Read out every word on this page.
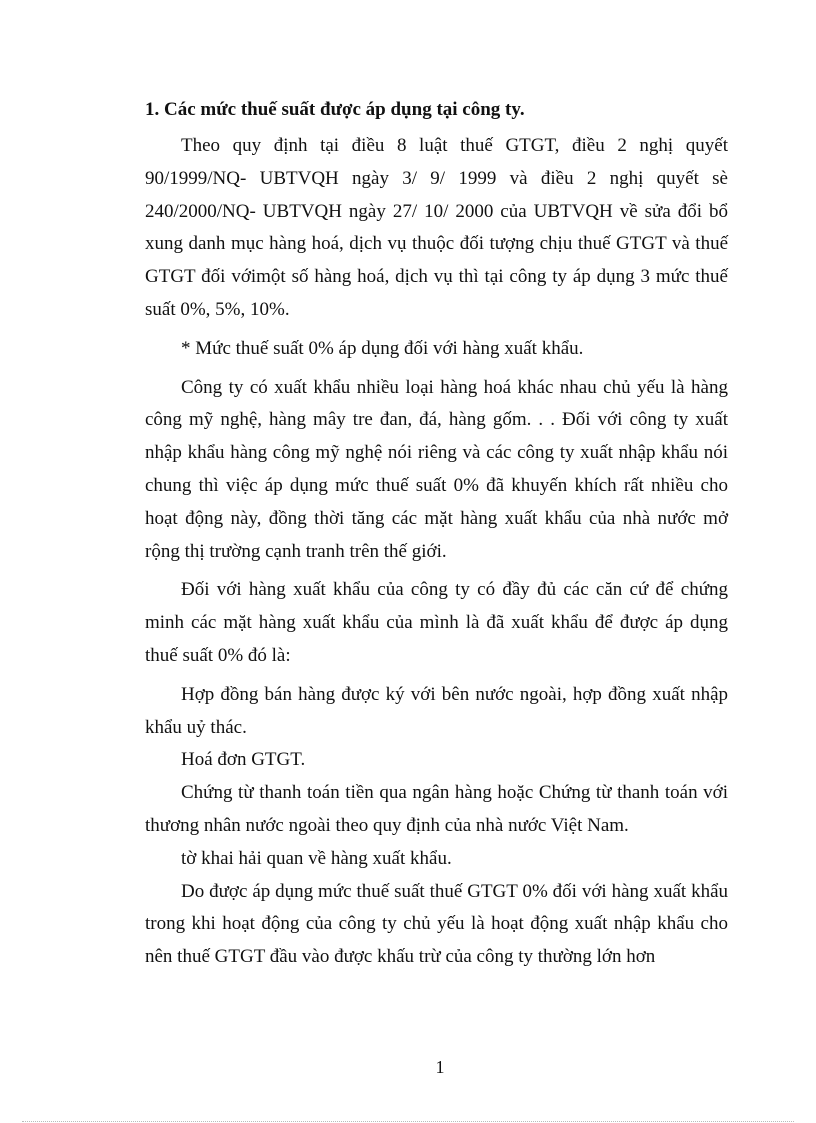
1. Các mức thuế suất được áp dụng tại công ty.

Theo quy định tại điều 8 luật thuế GTGT, điều 2 nghị quyết 90/1999/NQ- UBTVQH ngày 3/ 9/ 1999 và điều 2 nghị quyết sè 240/2000/NQ- UBTVQH ngày 27/ 10/ 2000 của UBTVQH về sửa đổi bổ xung danh mục hàng hoá, dịch vụ thuộc đối tượng chịu thuế GTGT và thuế GTGT đối vớimột số hàng hoá, dịch vụ thì tại công ty áp dụng 3 mức thuế suất 0%, 5%, 10%.

* Mức thuế suất 0% áp dụng đối với hàng xuất khẩu.

Công ty có xuất khẩu nhiều loại hàng hoá khác nhau chủ yếu là hàng công mỹ nghệ, hàng mây tre đan, đá, hàng gốm. . . Đối với công ty xuất nhập khẩu hàng công mỹ nghệ nói riêng và các công ty xuất nhập khẩu nói chung thì việc áp dụng mức thuế suất 0% đã khuyến khích rất nhiều cho hoạt động này, đồng thời tăng các mặt hàng xuất khẩu của nhà nước mở rộng thị trường cạnh tranh trên thế giới.

Đối với hàng xuất khẩu của công ty có đầy đủ các căn cứ để chứng minh các mặt hàng xuất khẩu của mình là đã xuất khẩu để được áp dụng thuế suất 0% đó là:

Hợp đồng bán hàng được ký với bên nước ngoài, hợp đồng xuất nhập khẩu uỷ thác.

Hoá đơn GTGT.

Chứng từ thanh toán tiền qua ngân hàng hoặc Chứng từ thanh toán với thương nhân nước ngoài theo quy định của nhà nước Việt Nam.

tờ khai hải quan về hàng xuất khẩu.

Do được áp dụng mức thuế suất thuế GTGT 0% đối với hàng xuất khẩu trong khi hoạt động của công ty chủ yếu là hoạt động xuất nhập khẩu cho nên thuế GTGT đầu vào được khấu trừ của công ty thường lớn hơn

1
